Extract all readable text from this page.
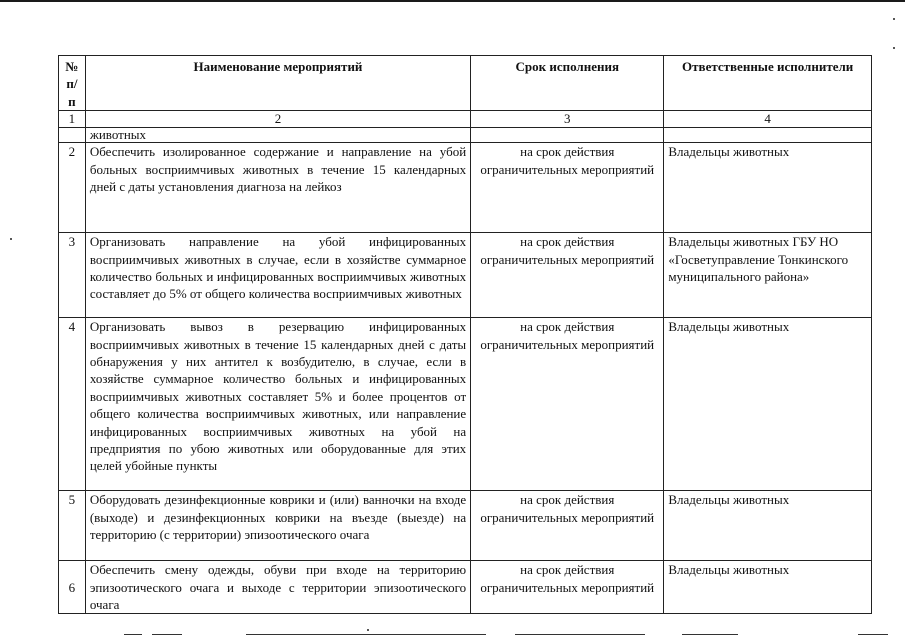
№ п/п	Наименование мероприятий	Срок исполнения	Ответственные исполнители
1	2	3	4
	животных		
2	Обеспечить изолированное содержание и направление на убой больных восприимчивых животных в течение 15 календарных дней с даты установления диагноза на лейкоз	на срок действия ограничительных мероприятий	Владельцы животных
3	Организовать направление на убой инфицированных восприимчивых животных в случае, если в хозяйстве суммарное количество больных и инфицированных восприимчивых животных составляет до 5% от общего количества восприимчивых животных	на срок действия ограничительных мероприятий	Владельцы животных ГБУ НО «Госветуправление Тонкинского муниципального района»
4	Организовать вывоз в резервацию инфицированных восприимчивых животных в течение 15 календарных дней с даты обнаружения у них антител к возбудителю, в случае, если в хозяйстве суммарное количество больных и инфицированных восприимчивых животных составляет 5% и более процентов от общего количества восприимчивых животных, или направление инфицированных восприимчивых животных на убой на предприятия по убою животных или оборудованные для этих целей убойные пункты	на срок действия ограничительных мероприятий	Владельцы животных
5	Оборудовать дезинфекционные коврики и (или) ванночки на входе (выходе) и дезинфекционных коврики на въезде (выезде) на территорию (с территории) эпизоотического очага	на срок действия ограничительных мероприятий	Владельцы животных
6	Обеспечить смену одежды, обуви при входе на территорию эпизоотического очага и выходе с территории эпизоотического очага	на срок действия ограничительных мероприятий	Владельцы животных
